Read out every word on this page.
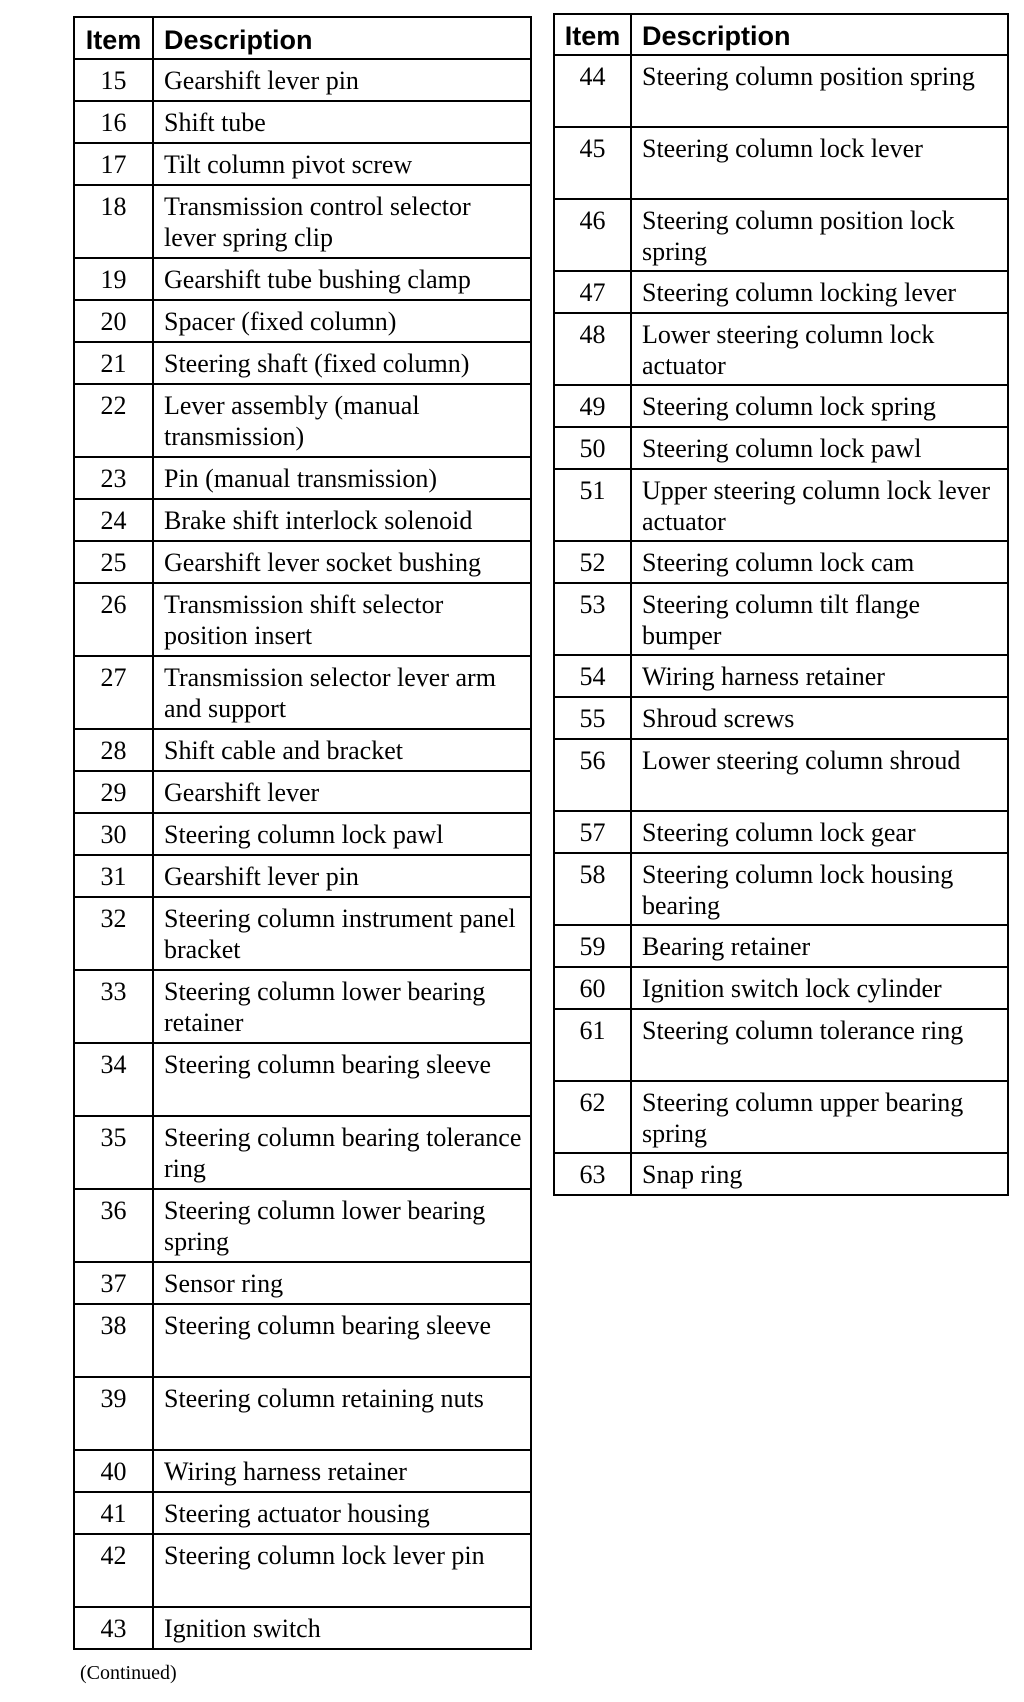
Item	Description
15	Gearshift lever pin
16	Shift tube
17	Tilt column pivot screw
18	Transmission control selector lever spring clip
19	Gearshift tube bushing clamp
20	Spacer (fixed column)
21	Steering shaft (fixed column)
22	Lever assembly (manual transmission)
23	Pin (manual transmission)
24	Brake shift interlock solenoid
25	Gearshift lever socket bushing
26	Transmission shift selector position insert
27	Transmission selector lever arm and support
28	Shift cable and bracket
29	Gearshift lever
30	Steering column lock pawl
31	Gearshift lever pin
32	Steering column instrument panel bracket
33	Steering column lower bearing retainer
34	Steering column bearing sleeve
35	Steering column bearing tolerance ring
36	Steering column lower bearing spring
37	Sensor ring
38	Steering column bearing sleeve
39	Steering column retaining nuts
40	Wiring harness retainer
41	Steering actuator housing
42	Steering column lock lever pin
43	Ignition switch
Item	Description
44	Steering column position spring
45	Steering column lock lever
46	Steering column position lock spring
47	Steering column locking lever
48	Lower steering column lock actuator
49	Steering column lock spring
50	Steering column lock pawl
51	Upper steering column lock lever actuator
52	Steering column lock cam
53	Steering column tilt flange bumper
54	Wiring harness retainer
55	Shroud screws
56	Lower steering column shroud
57	Steering column lock gear
58	Steering column lock housing bearing
59	Bearing retainer
60	Ignition switch lock cylinder
61	Steering column tolerance ring
62	Steering column upper bearing spring
63	Snap ring
(Continued)
